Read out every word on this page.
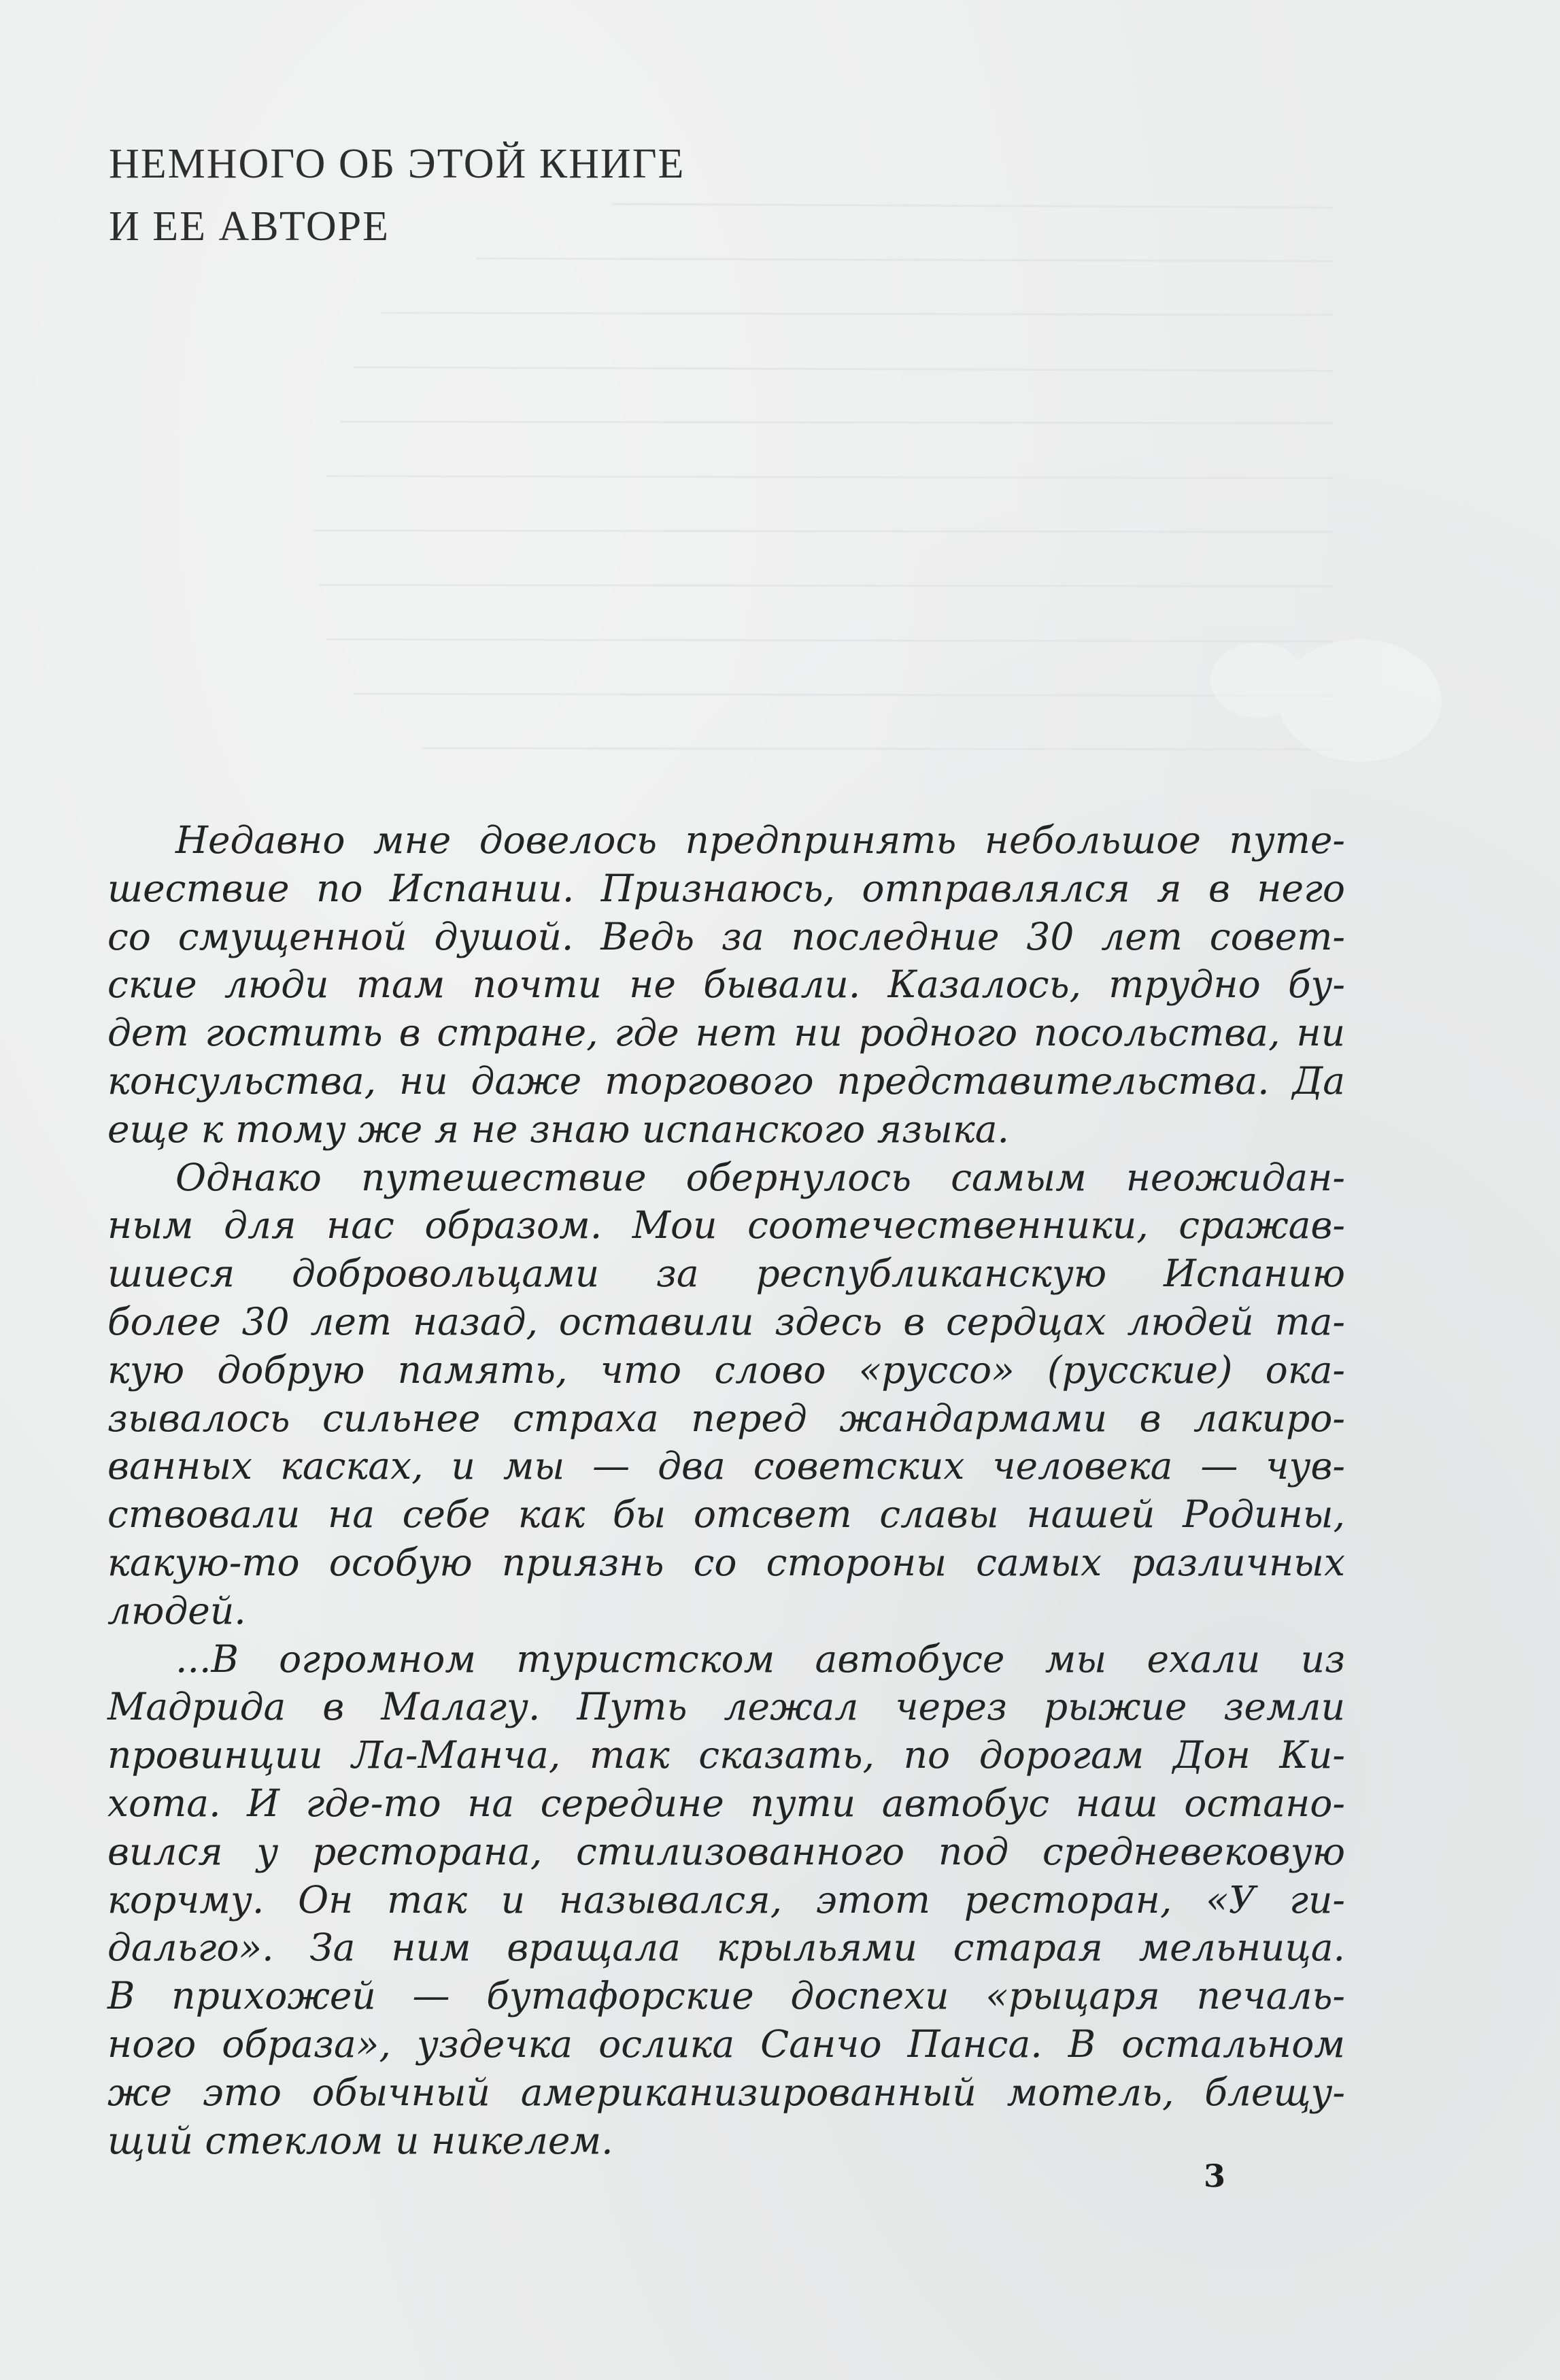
НЕМНОГО ОБ ЭТОЙ КНИГЕ
И ЕЕ АВТОРЕ

Недавно мне довелось предпринять небольшое путе-
шествие по Испании. Признаюсь, отправлялся я в него
со смущенной душой. Ведь за последние 30 лет совет-
ские люди там почти не бывали. Казалось, трудно бу-
дет гостить в стране, где нет ни родного посольства, ни
консульства, ни даже торгового представительства. Да
еще к тому же я не знаю испанского языка.

Однако путешествие обернулось самым неожидан-
ным для нас образом. Мои соотечественники, сражав-
шиеся добровольцами за республиканскую Испанию
более 30 лет назад, оставили здесь в сердцах людей та-
кую добрую память, что слово «руссо» (русские) ока-
зывалось сильнее страха перед жандармами в лакиро-
ванных касках, и мы — два советских человека — чув-
ствовали на себе как бы отсвет славы нашей Родины,
какую-то особую приязнь со стороны самых различных
людей.

...В огромном туристском автобусе мы ехали из
Мадрида в Малагу. Путь лежал через рыжие земли
провинции Ла-Манча, так сказать, по дорогам Дон Ки-
хота. И где-то на середине пути автобус наш остано-
вился у ресторана, стилизованного под средневековую
корчму. Он так и назывался, этот ресторан, «У ги-
дальго». За ним вращала крыльями старая мельница.
В прихожей — бутафорские доспехи «рыцаря печаль-
ного образа», уздечка ослика Санчо Панса. В остальном
же это обычный американизированный мотель, блещу-
щий стеклом и никелем.

3
